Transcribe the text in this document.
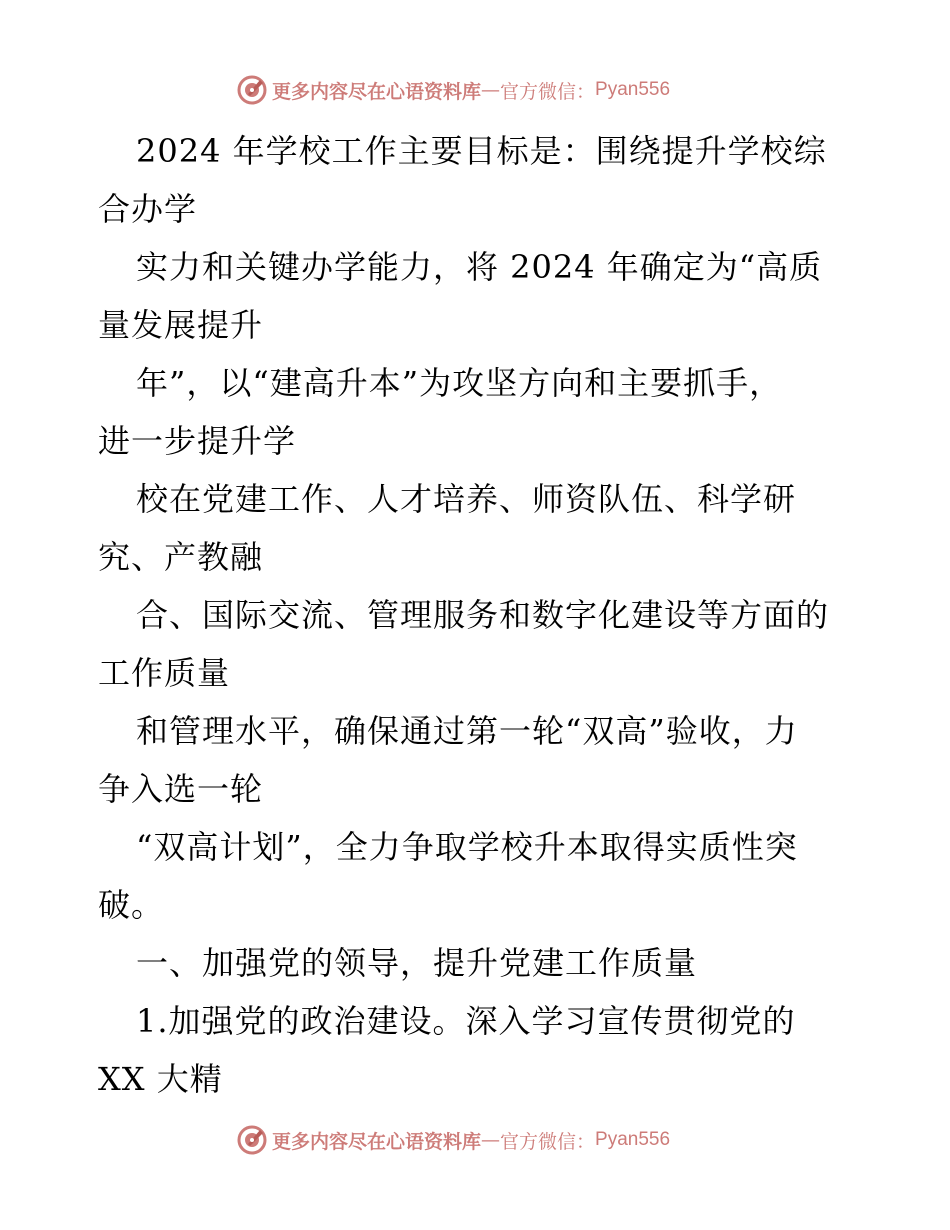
更多内容尽在心语资料库 — 官方微信： Pyan556
2024 年学校工作主要目标是：围绕提升学校综
合办学
实力和关键办学能力，将 2024 年确定为“高质
量发展提升
年”，以“建高升本”为攻坚方向和主要抓手，
进一步提升学
校在党建工作、人才培养、师资队伍、科学研
究、产教融
合、国际交流、管理服务和数字化建设等方面的
工作质量
和管理水平，确保通过第一轮“双高”验收，力
争入选一轮
“双高计划”，全力争取学校升本取得实质性突
破。
一、加强党的领导，提升党建工作质量
1.加强党的政治建设。深入学习宣传贯彻党的
XX 大精
更多内容尽在心语资料库 — 官方微信： Pyan556
